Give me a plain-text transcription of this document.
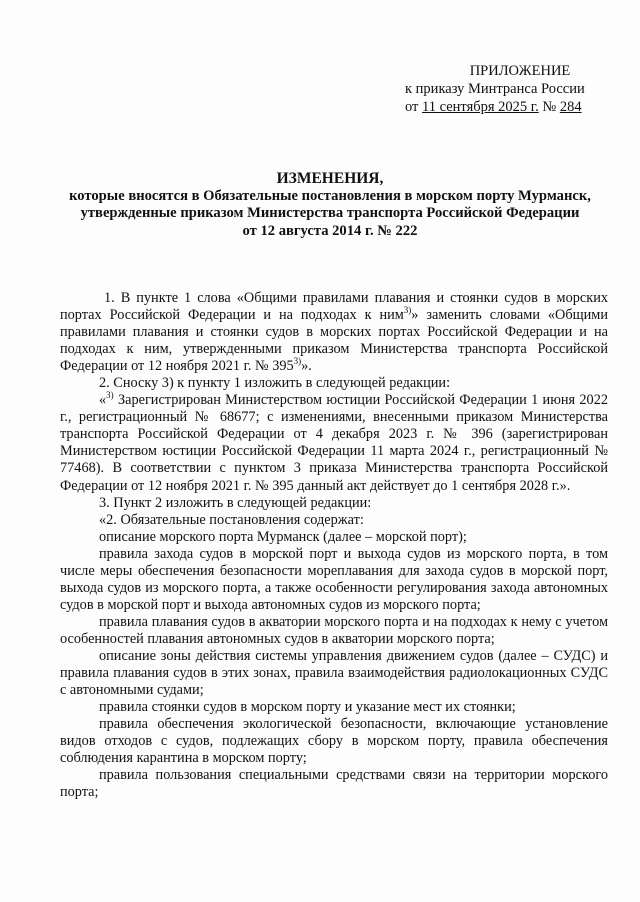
ПРИЛОЖЕНИЕ
к приказу Минтранса России
от 11 сентября 2025 г. № 284
ИЗМЕНЕНИЯ,
которые вносятся в Обязательные постановления в морском порту Мурманск,
утвержденные приказом Министерства транспорта Российской Федерации
от 12 августа 2014 г. № 222

1. В пункте 1 слова «Общими правилами плавания и стоянки судов в морских портах Российской Федерации и на подходах к ним$^{3)}$» заменить словами «Общими правилами плавания и стоянки судов в морских портах Российской Федерации и на подходах к ним, утвержденными приказом Министерства транспорта Российской Федерации от 12 ноября 2021 г. № 395$^{3)}$».

2. Сноску 3) к пункту 1 изложить в следующей редакции:

«$^{3)}$ Зарегистрирован Министерством юстиции Российской Федерации 1 июня 2022 г., регистрационный № 68677; с изменениями, внесенными приказом Министерства транспорта Российской Федерации от 4 декабря 2023 г. № 396 (зарегистрирован Министерством юстиции Российской Федерации 11 марта 2024 г., регистрационный № 77468). В соответствии с пунктом 3 приказа Министерства транспорта Российской Федерации от 12 ноября 2021 г. № 395 данный акт действует до 1 сентября 2028 г.».

3. Пункт 2 изложить в следующей редакции:

«2. Обязательные постановления содержат:

описание морского порта Мурманск (далее – морской порт);

правила захода судов в морской порт и выхода судов из морского порта, в том числе меры обеспечения безопасности мореплавания для захода судов в морской порт, выхода судов из морского порта, а также особенности регулирования захода автономных судов в морской порт и выхода автономных судов из морского порта;

правила плавания судов в акватории морского порта и на подходах к нему с учетом особенностей плавания автономных судов в акватории морского порта;

описание зоны действия системы управления движением судов (далее – СУДС) и правила плавания судов в этих зонах, правила взаимодействия радиолокационных СУДС с автономными судами;

правила стоянки судов в морском порту и указание мест их стоянки;

правила обеспечения экологической безопасности, включающие установление видов отходов с судов, подлежащих сбору в морском порту, правила обеспечения соблюдения карантина в морском порту;

правила пользования специальными средствами связи на территории морского порта;
